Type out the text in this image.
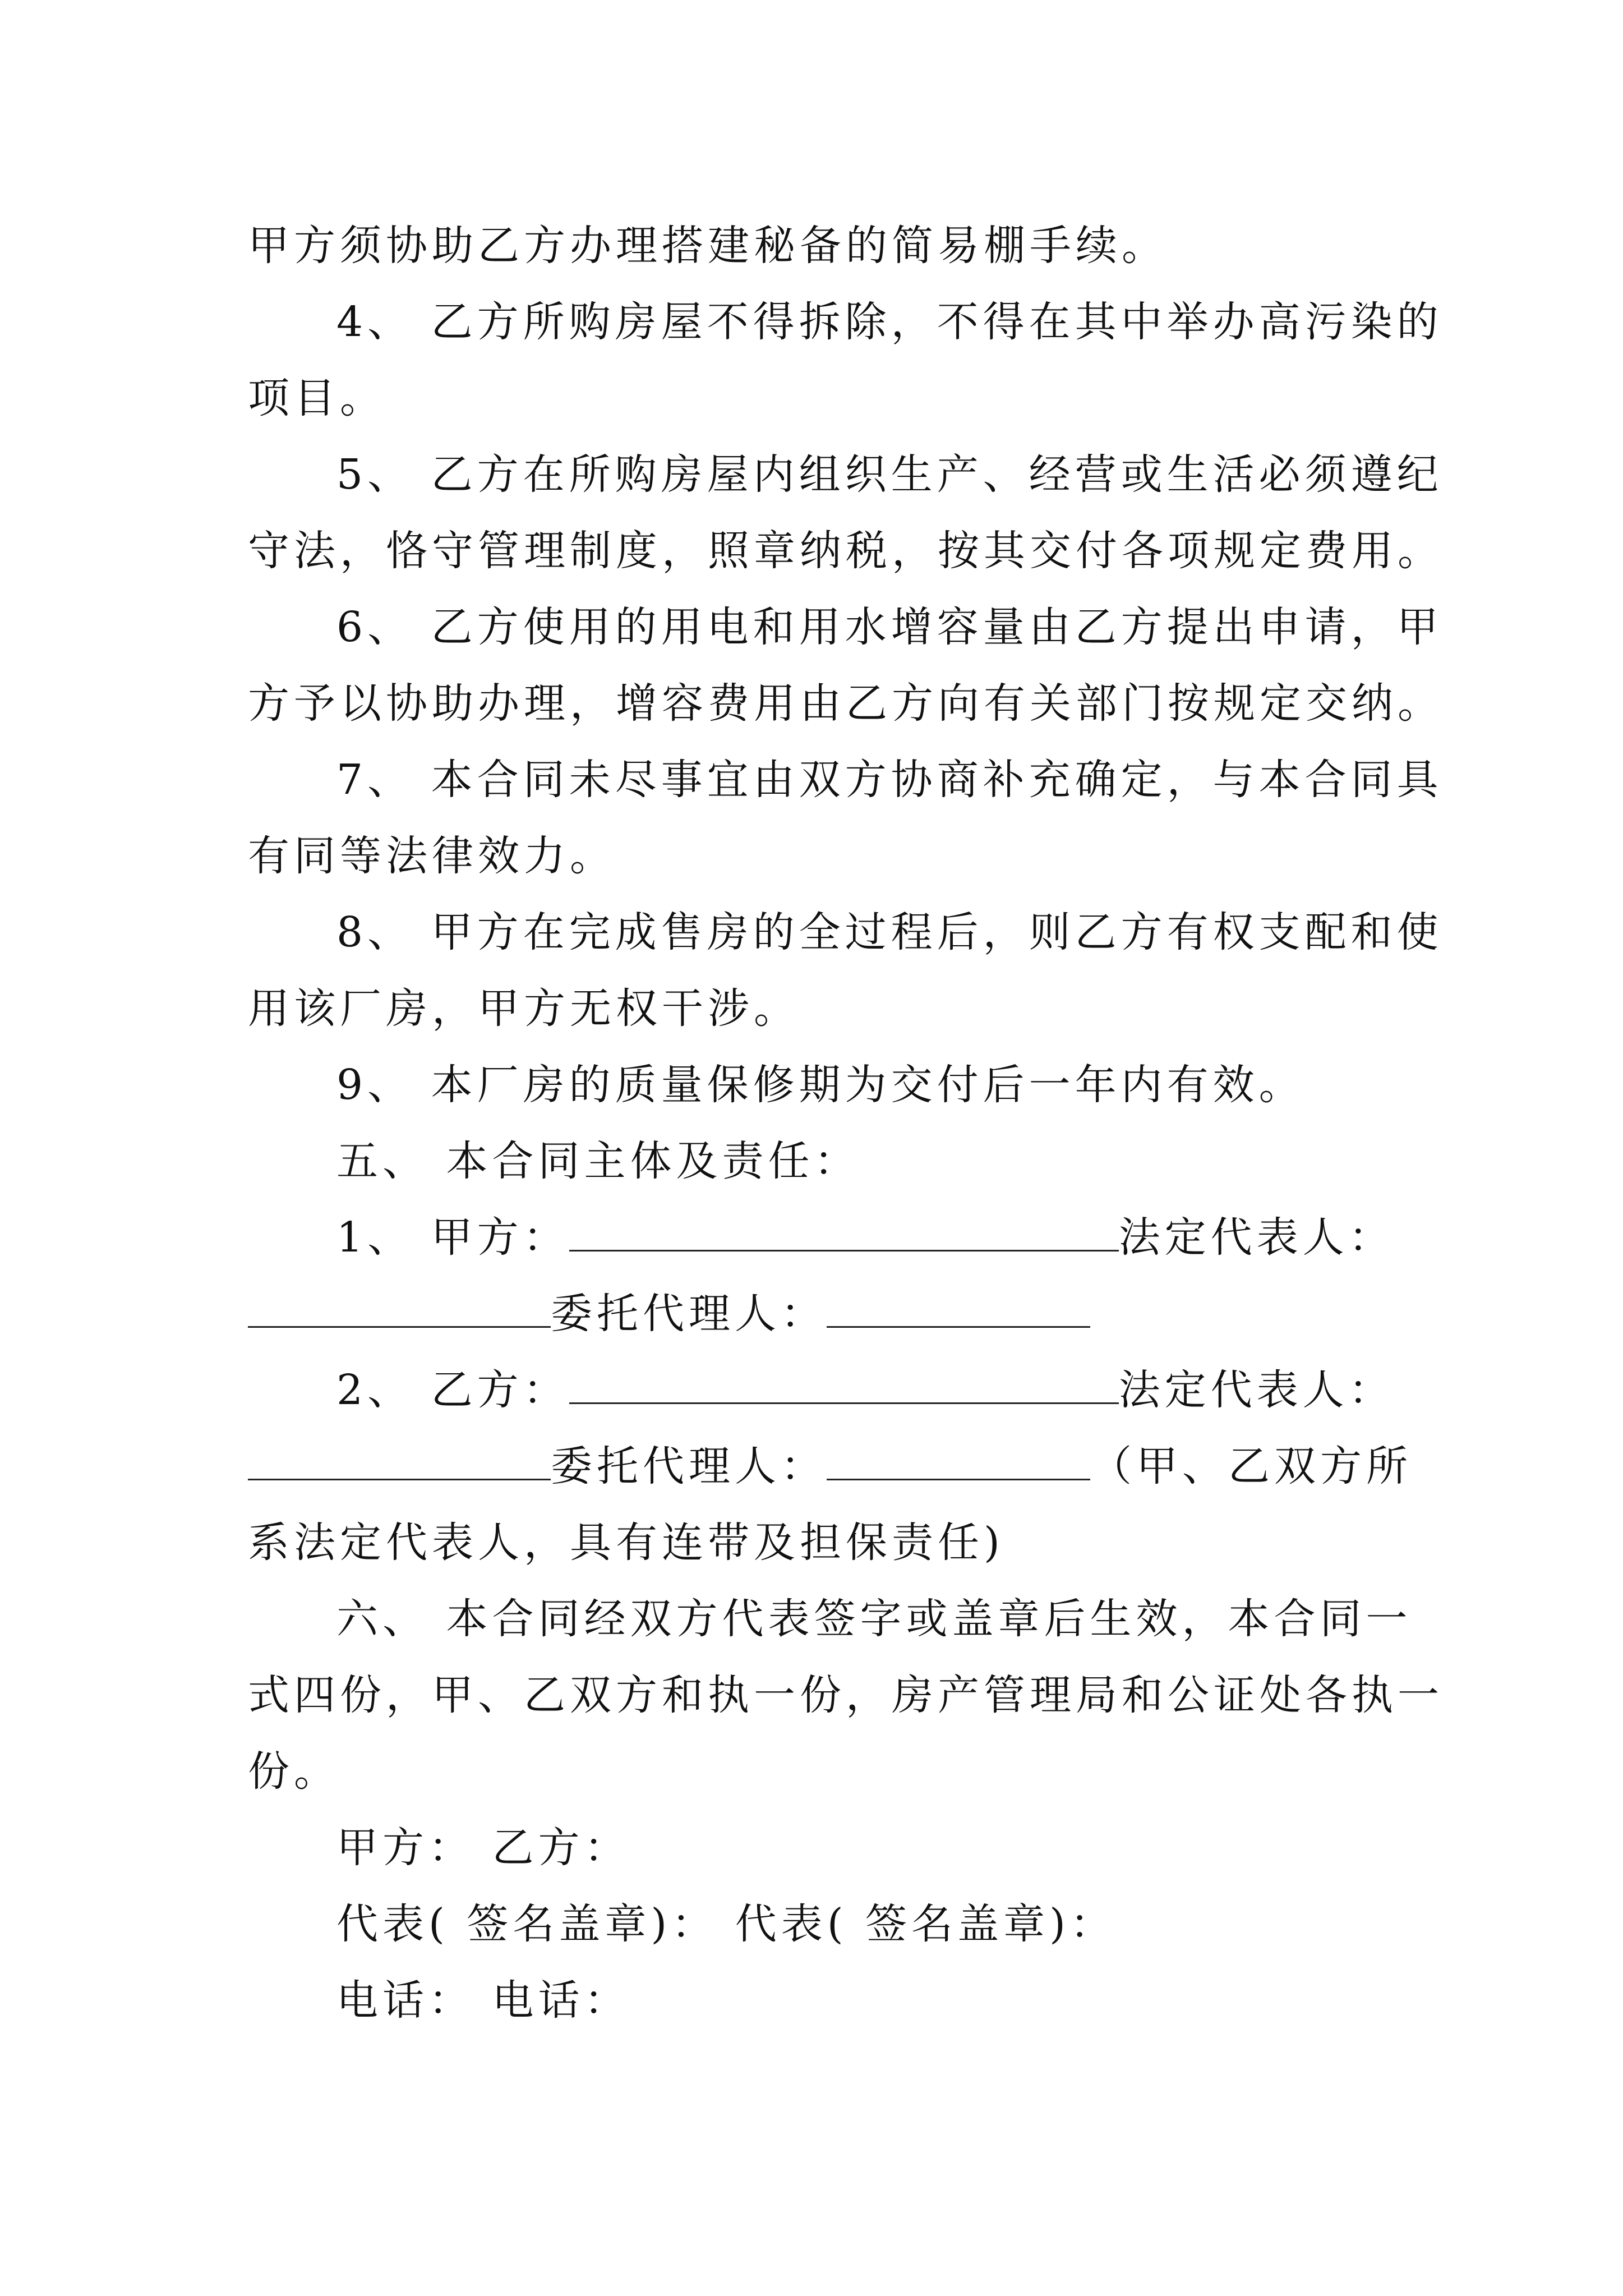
甲方须协助乙方办理搭建秘备的简易棚手续。
4、 乙方所购房屋不得拆除，不得在其中举办高污染的
项目。
5、 乙方在所购房屋内组织生产、经营或生活必须遵纪
守法，恪守管理制度，照章纳税，按其交付各项规定费用。
6、 乙方使用的用电和用水增容量由乙方提出申请，甲
方予以协助办理，增容费用由乙方向有关部门按规定交纳。
7、 本合同未尽事宜由双方协商补充确定，与本合同具
有同等法律效力。
8、 甲方在完成售房的全过程后，则乙方有权支配和使
用该厂房，甲方无权干涉。
9、 本厂房的质量保修期为交付后一年内有效。
五、 本合同主体及责任：
1、 甲方：	法定代表人：
委托代理人：
2、 乙方：	法定代表人：
委托代理人：	（甲、乙双方所
系法定代表人，具有连带及担保责任)
六、 本合同经双方代表签字或盖章后生效，本合同一
式四份，甲、乙双方和执一份，房产管理局和公证处各执一
份。
甲方： 乙方：
代表( 签名盖章)： 代表( 签名盖章)：
电话： 电话：
